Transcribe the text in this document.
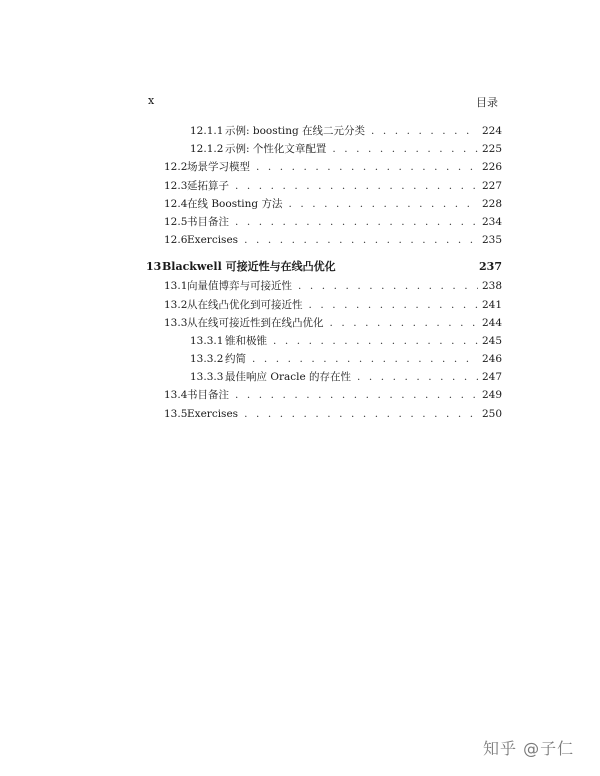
x	目录
12.1.1 示例: boosting 在线二元分类 . . .	224
12.1.2 示例: 个性化文章配置 . . .	225
12.2 场景学习模型 . . .	226
12.3 延拓算子 . . .	227
12.4 在线 Boosting 方法 . . .	228
12.5 书目备注 . . .	234
12.6 Exercises . . .	235
13 Blackwell 可接近性与在线凸优化	237
13.1 向量值博弈与可接近性 . . .	238
13.2 从在线凸优化到可接近性 . . .	241
13.3 从在线可接近性到在线凸优化 . . .	244
13.3.1 锥和极锥 . . .	245
13.3.2 约简 . . .	246
13.3.3 最佳响应 Oracle 的存在性 . . .	247
13.4 书目备注 . . .	249
13.5 Exercises . . .	250
知乎 @子仁
